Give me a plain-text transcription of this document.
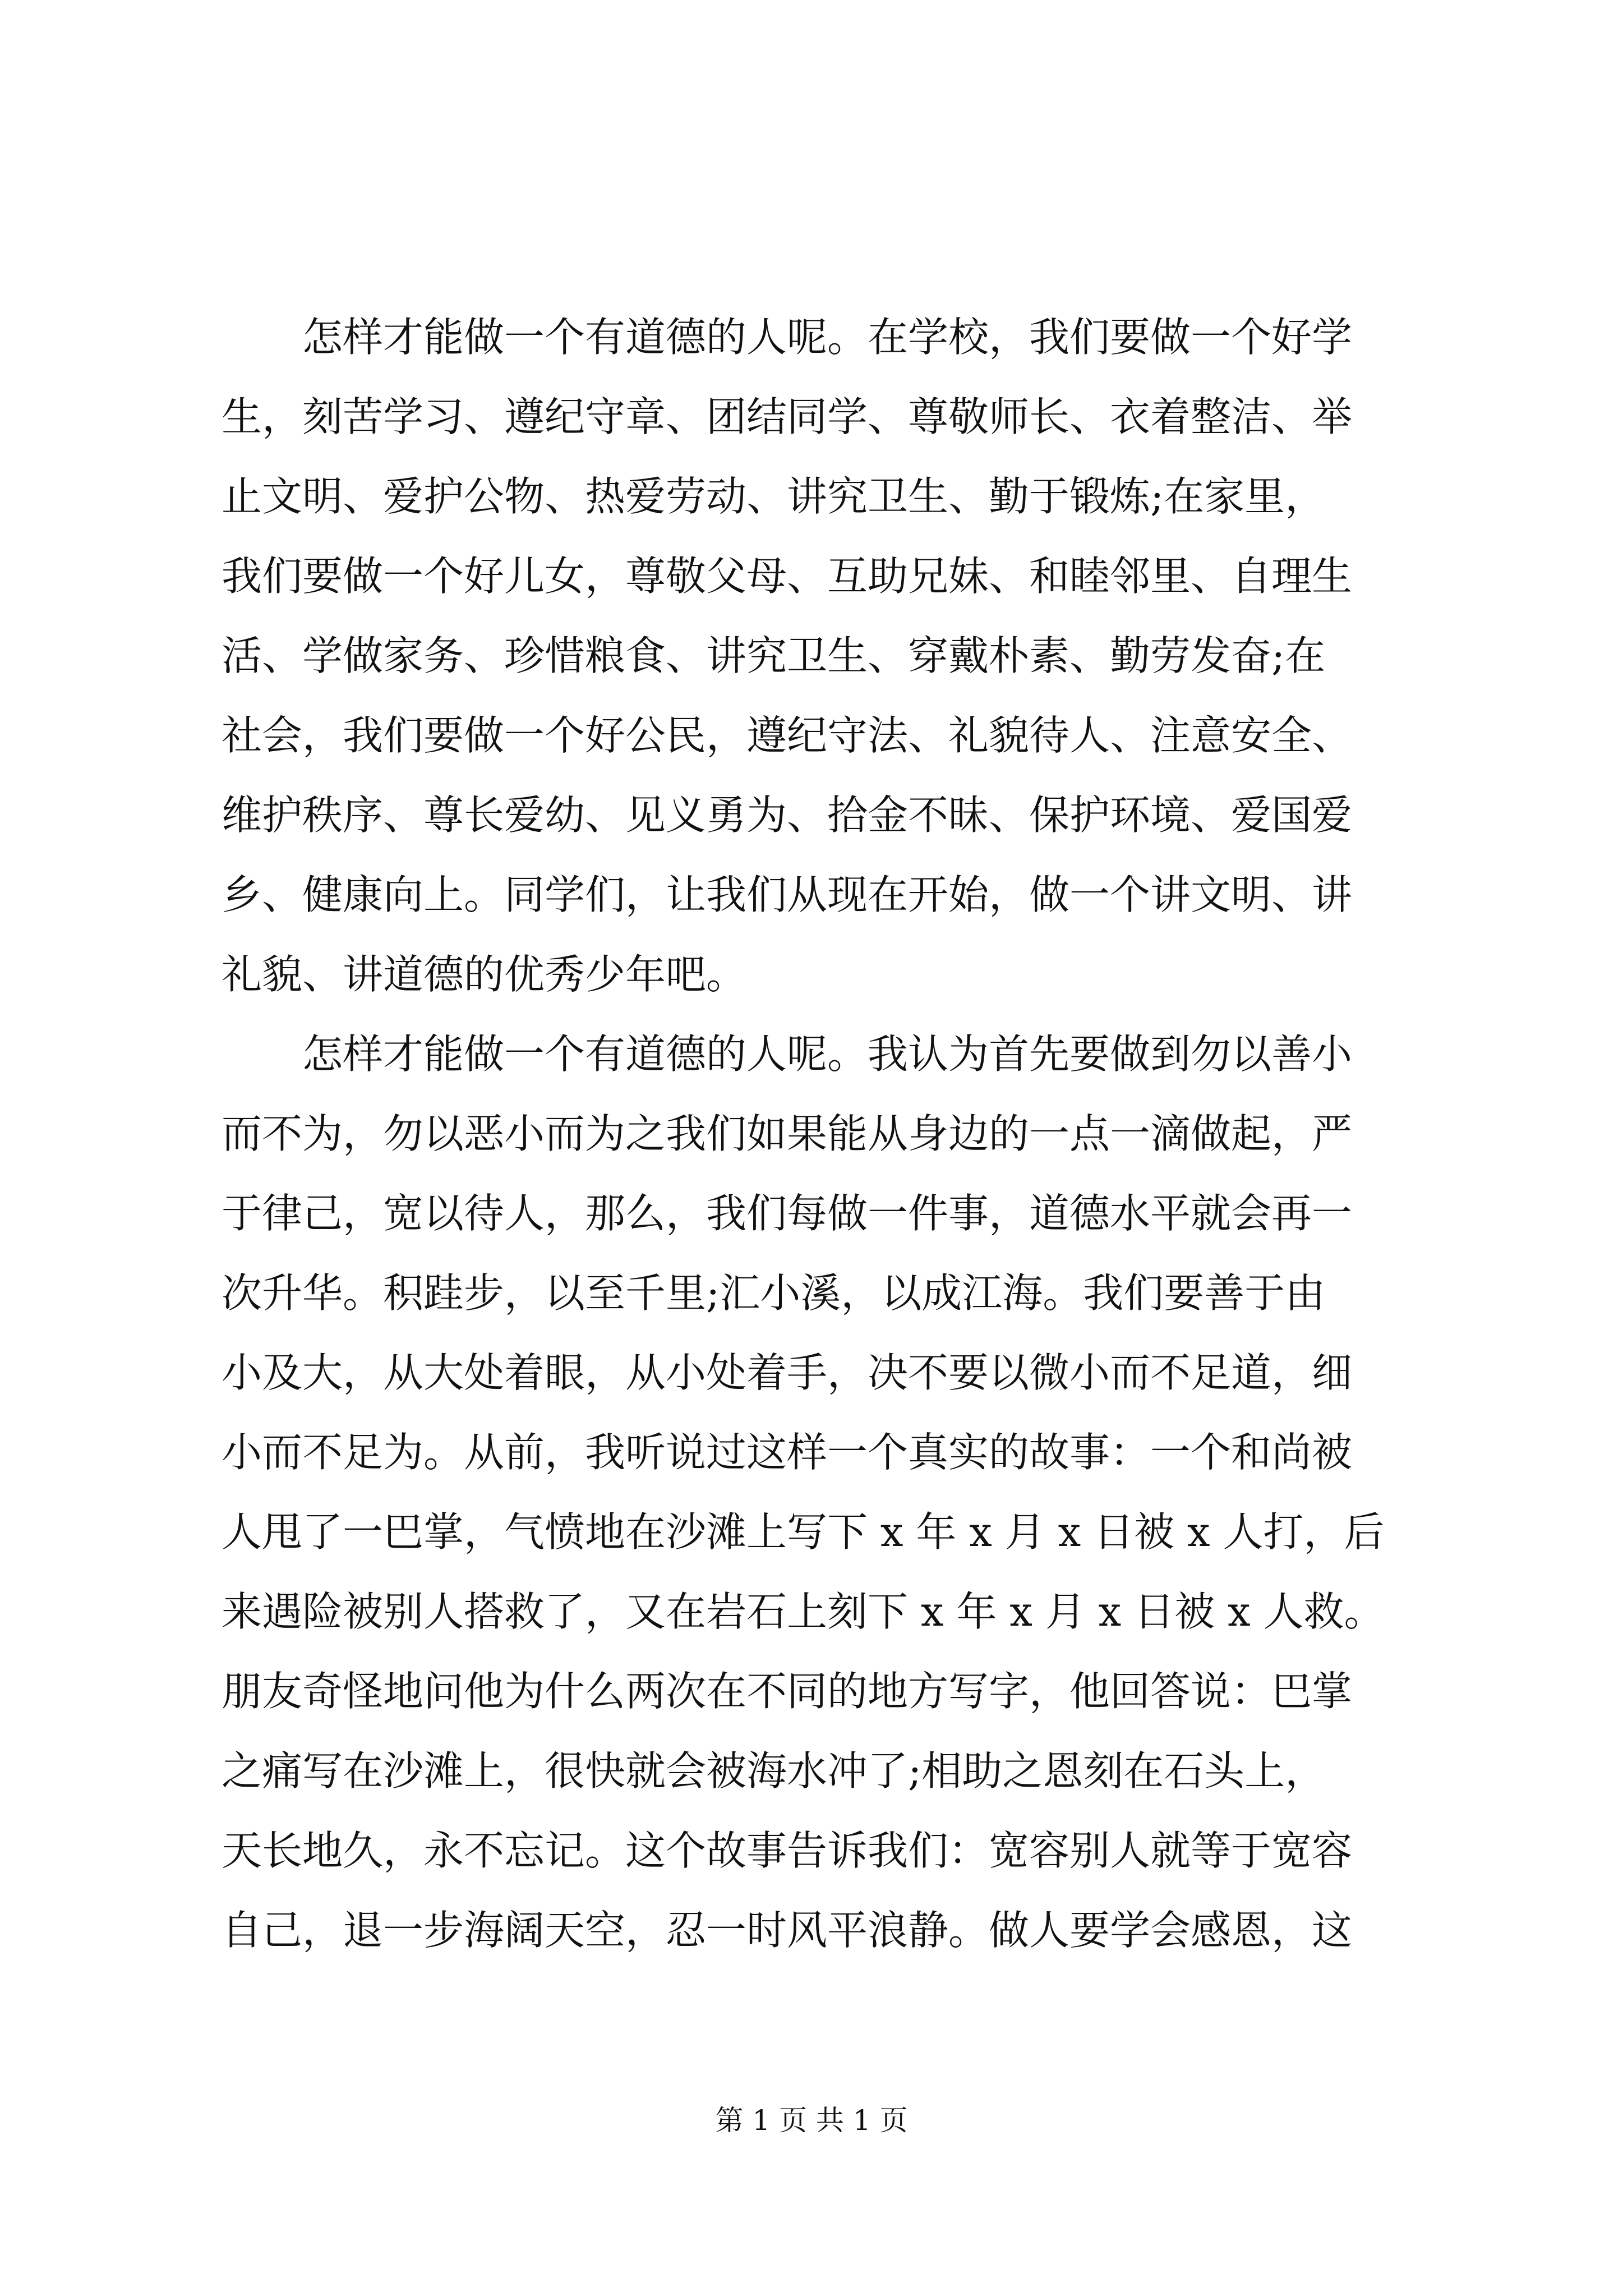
怎样才能做一个有道德的人呢。在学校，我们要做一个好学
生，刻苦学习、遵纪守章、团结同学、尊敬师长、衣着整洁、举
止文明、爱护公物、热爱劳动、讲究卫生、勤于锻炼;在家里，
我们要做一个好儿女，尊敬父母、互助兄妹、和睦邻里、自理生
活、学做家务、珍惜粮食、讲究卫生、穿戴朴素、勤劳发奋;在
社会，我们要做一个好公民，遵纪守法、礼貌待人、注意安全、
维护秩序、尊长爱幼、见义勇为、拾金不昧、保护环境、爱国爱
乡、健康向上。同学们，让我们从现在开始，做一个讲文明、讲
礼貌、讲道德的优秀少年吧。
怎样才能做一个有道德的人呢。我认为首先要做到勿以善小
而不为，勿以恶小而为之我们如果能从身边的一点一滴做起，严
于律己，宽以待人，那么，我们每做一件事，道德水平就会再一
次升华。积跬步，以至千里;汇小溪，以成江海。我们要善于由
小及大，从大处着眼，从小处着手，决不要以微小而不足道，细
小而不足为。从前，我听说过这样一个真实的故事：一个和尚被
人甩了一巴掌，气愤地在沙滩上写下 x 年 x 月 x 日被 x 人打，后
来遇险被别人搭救了，又在岩石上刻下 x 年 x 月 x 日被 x 人救。
朋友奇怪地问他为什么两次在不同的地方写字，他回答说：巴掌
之痛写在沙滩上，很快就会被海水冲了;相助之恩刻在石头上，
天长地久，永不忘记。这个故事告诉我们：宽容别人就等于宽容
自己，退一步海阔天空，忍一时风平浪静。做人要学会感恩，这
第 1 页 共 1 页
